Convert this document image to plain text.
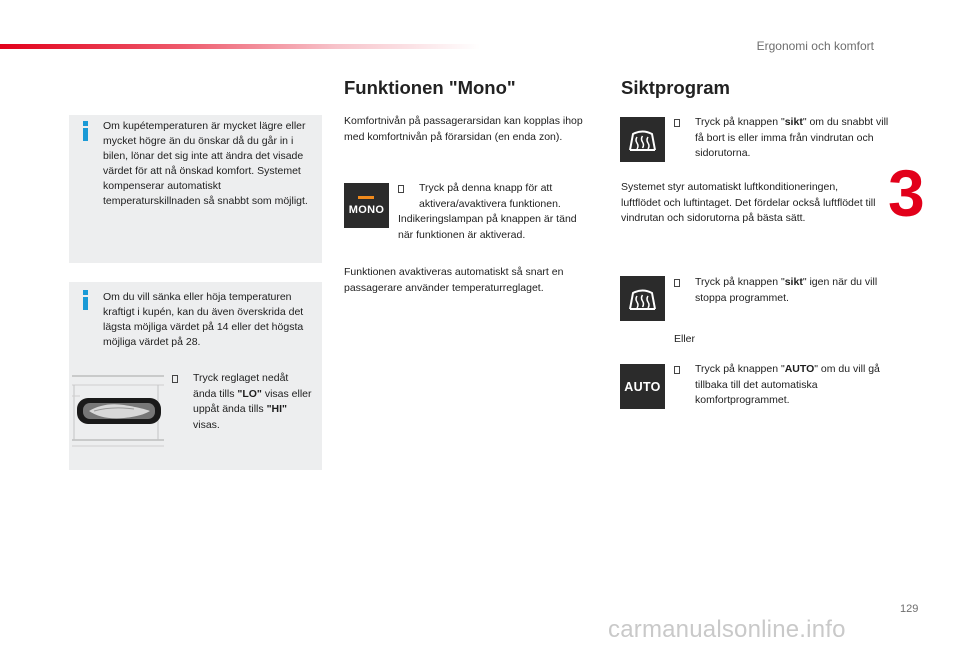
Ergonomi och komfort
3

Om kupétemperaturen är mycket lägre eller mycket högre än du önskar då du går in i bilen, lönar det sig inte att ändra det visade värdet för att nå önskad komfort. Systemet kompenserar automatiskt temperaturskillnaden så snabbt som möjligt.

Om du vill sänka eller höja temperaturen kraftigt i kupén, kan du även överskrida det lägsta möjliga värdet på 14 eller det högsta möjliga värdet på 28.

Tryck reglaget nedåt ända tills "LO" visas eller uppåt ända tills "HI" visas.
Funktionen "Mono"

Komfortnivån på passagerarsidan kan kopplas ihop med komfortnivån på förarsidan (en enda zon).

MONO
Tryck på denna knapp för att aktivera/avaktivera funktionen.

Indikeringslampan på knappen är tänd när funktionen är aktiverad.

Funktionen avaktiveras automatiskt så snart en passagerare använder temperaturreglaget.

Siktprogram
Tryck på knappen "sikt" om du snabbt vill få bort is eller imma från vindrutan och sidorutorna.

Systemet styr automatiskt luftkonditioneringen, luftflödet och luftintaget. Det fördelar också luftflödet till vindrutan och sidorutorna på bästa sätt.

Tryck på knappen "sikt" igen när du vill stoppa programmet.

Eller

AUTO
Tryck på knappen "AUTO" om du vill gå tillbaka till det automatiska komfortprogrammet.
129
carmanualsonline.info
